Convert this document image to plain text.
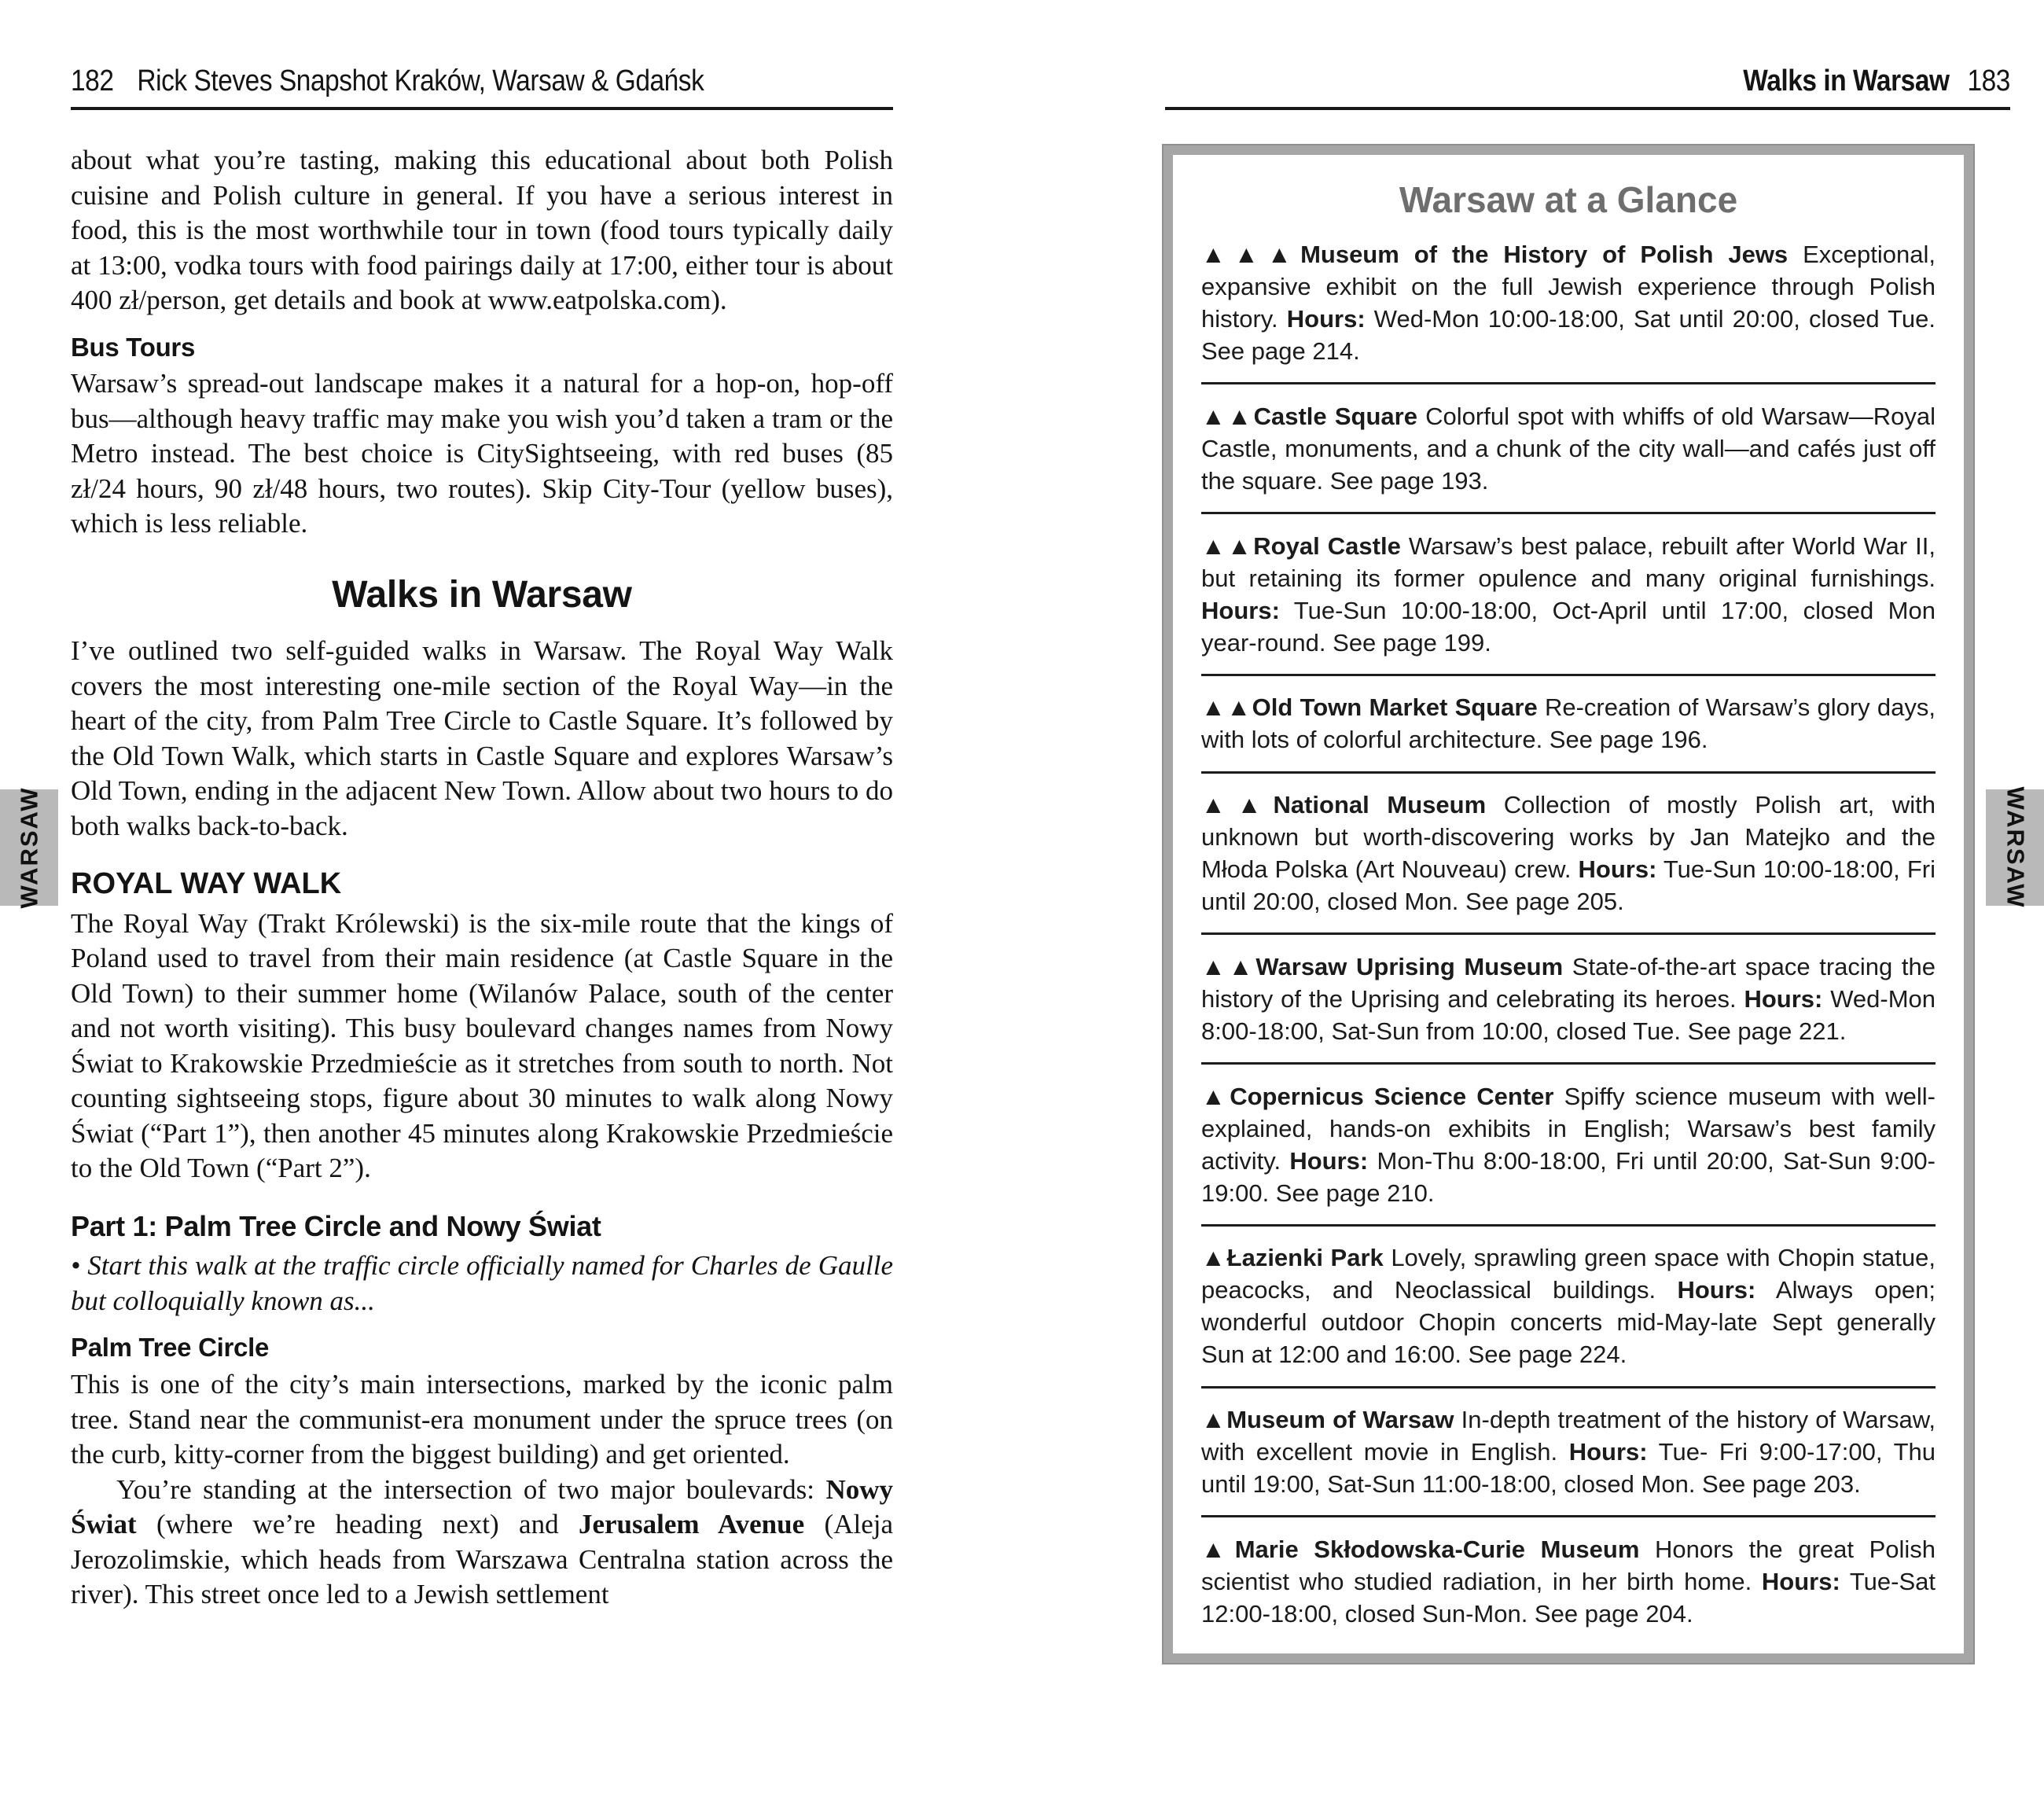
182 Rick Steves Snapshot Kraków, Warsaw & Gdańsk	Walks in Warsaw 183
WARSAW	WARSAW

about what you’re tasting, making this educational about both Polish cuisine and Polish culture in general. If you have a serious interest in food, this is the most worthwhile tour in town (food tours typically daily at 13:00, vodka tours with food pairings daily at 17:00, either tour is about 400 zł/person, get details and book at www.eatpolska.com).

Bus Tours

Warsaw’s spread-out landscape makes it a natural for a hop-on, hop-off bus—although heavy traffic may make you wish you’d taken a tram or the Metro instead. The best choice is CitySightseeing, with red buses (85 zł/24 hours, 90 zł/48 hours, two routes). Skip City-Tour (yellow buses), which is less reliable.

Walks in Warsaw

I’ve outlined two self-guided walks in Warsaw. The Royal Way Walk covers the most interesting one-mile section of the Royal Way—in the heart of the city, from Palm Tree Circle to Castle Square. It’s followed by the Old Town Walk, which starts in Castle Square and explores Warsaw’s Old Town, ending in the adjacent New Town. Allow about two hours to do both walks back-to-back.

ROYAL WAY WALK

The Royal Way (Trakt Królewski) is the six-mile route that the kings of Poland used to travel from their main residence (at Castle Square in the Old Town) to their summer home (Wilanów Palace, south of the center and not worth visiting). This busy boulevard changes names from Nowy Świat to Krakowskie Przedmieście as it stretches from south to north. Not counting sightseeing stops, figure about 30 minutes to walk along Nowy Świat (“Part 1”), then another 45 minutes along Krakowskie Przedmieście to the Old Town (“Part 2”).

Part 1: Palm Tree Circle and Nowy Świat

• Start this walk at the traffic circle officially named for Charles de Gaulle but colloquially known as...

Palm Tree Circle

This is one of the city’s main intersections, marked by the iconic palm tree. Stand near the communist-era monument under the spruce trees (on the curb, kitty-corner from the biggest building) and get oriented.

You’re standing at the intersection of two major boulevards: Nowy Świat (where we’re heading next) and Jerusalem Avenue (Aleja Jerozolimskie, which heads from Warszawa Centralna station across the river). This street once led to a Jewish settlement

Warsaw at a Glance

▲▲▲Museum of the History of Polish Jews Exceptional, expansive exhibit on the full Jewish experience through Polish history. Hours: Wed-Mon 10:00-18:00, Sat until 20:00, closed Tue. See page 214.

▲▲Castle Square Colorful spot with whiffs of old Warsaw—Royal Castle, monuments, and a chunk of the city wall—and cafés just off the square. See page 193.

▲▲Royal Castle Warsaw’s best palace, rebuilt after World War II, but retaining its former opulence and many original furnishings. Hours: Tue-Sun 10:00-18:00, Oct-April until 17:00, closed Mon year-round. See page 199.

▲▲Old Town Market Square Re-creation of Warsaw’s glory days, with lots of colorful architecture. See page 196.

▲▲National Museum Collection of mostly Polish art, with unknown but worth-discovering works by Jan Matejko and the Młoda Polska (Art Nouveau) crew. Hours: Tue-Sun 10:00-18:00, Fri until 20:00, closed Mon. See page 205.

▲▲Warsaw Uprising Museum State-of-the-art space tracing the history of the Uprising and celebrating its heroes. Hours: Wed-Mon 8:00-18:00, Sat-Sun from 10:00, closed Tue. See page 221.

▲Copernicus Science Center Spiffy science museum with well-explained, hands-on exhibits in English; Warsaw’s best family activity. Hours: Mon-Thu 8:00-18:00, Fri until 20:00, Sat-Sun 9:00-19:00. See page 210.

▲Łazienki Park Lovely, sprawling green space with Chopin statue, peacocks, and Neoclassical buildings. Hours: Always open; wonderful outdoor Chopin concerts mid-May-late Sept generally Sun at 12:00 and 16:00. See page 224.

▲Museum of Warsaw In-depth treatment of the history of Warsaw, with excellent movie in English. Hours: Tue- Fri 9:00-17:00, Thu until 19:00, Sat-Sun 11:00-18:00, closed Mon. See page 203.

▲Marie Skłodowska-Curie Museum Honors the great Polish scientist who studied radiation, in her birth home. Hours: Tue-Sat 12:00-18:00, closed Sun-Mon. See page 204.
